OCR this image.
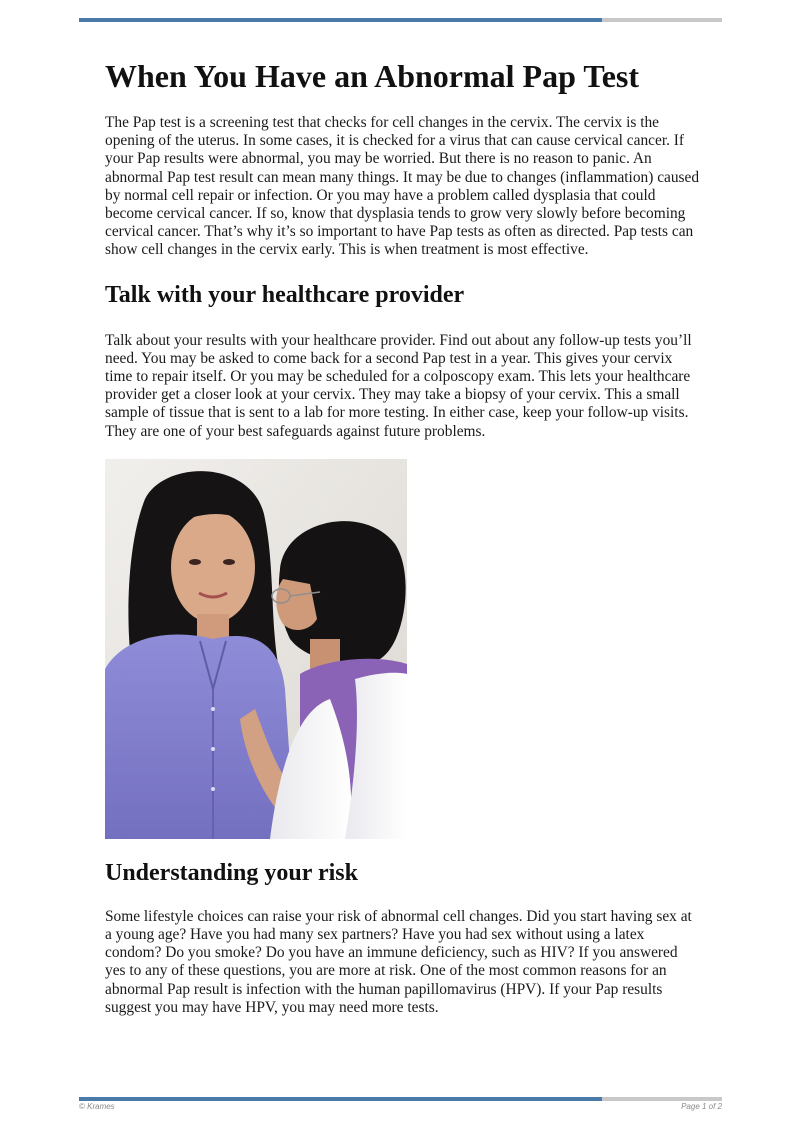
When You Have an Abnormal Pap Test

The Pap test is a screening test that checks for cell changes in the cervix. The cervix is the opening of the uterus. In some cases, it is checked for a virus that can cause cervical cancer. If your Pap results were abnormal, you may be worried. But there is no reason to panic. An abnormal Pap test result can mean many things. It may be due to changes (inflammation) caused by normal cell repair or infection. Or you may have a problem called dysplasia that could become cervical cancer. If so, know that dysplasia tends to grow very slowly before becoming cervical cancer. That’s why it’s so important to have Pap tests as often as directed. Pap tests can show cell changes in the cervix early. This is when treatment is most effective.

Talk with your healthcare provider

Talk about your results with your healthcare provider. Find out about any follow-up tests you’ll need. You may be asked to come back for a second Pap test in a year. This gives your cervix time to repair itself. Or you may be scheduled for a colposcopy exam. This lets your healthcare provider get a closer look at your cervix. They may take a biopsy of your cervix. This a small sample of tissue that is sent to a lab for more testing. In either case, keep your follow-up visits. They are one of your best safeguards against future problems.

Understanding your risk

Some lifestyle choices can raise your risk of abnormal cell changes. Did you start having sex at a young age? Have you had many sex partners? Have you had sex without using a latex condom? Do you smoke? Do you have an immune deficiency, such as HIV? If you answered yes to any of these questions, you are more at risk. One of the most common reasons for an abnormal Pap result is infection with the human papillomavirus (HPV). If your Pap results suggest you may have HPV, you may need more tests.

© Krames	Page 1 of 2
